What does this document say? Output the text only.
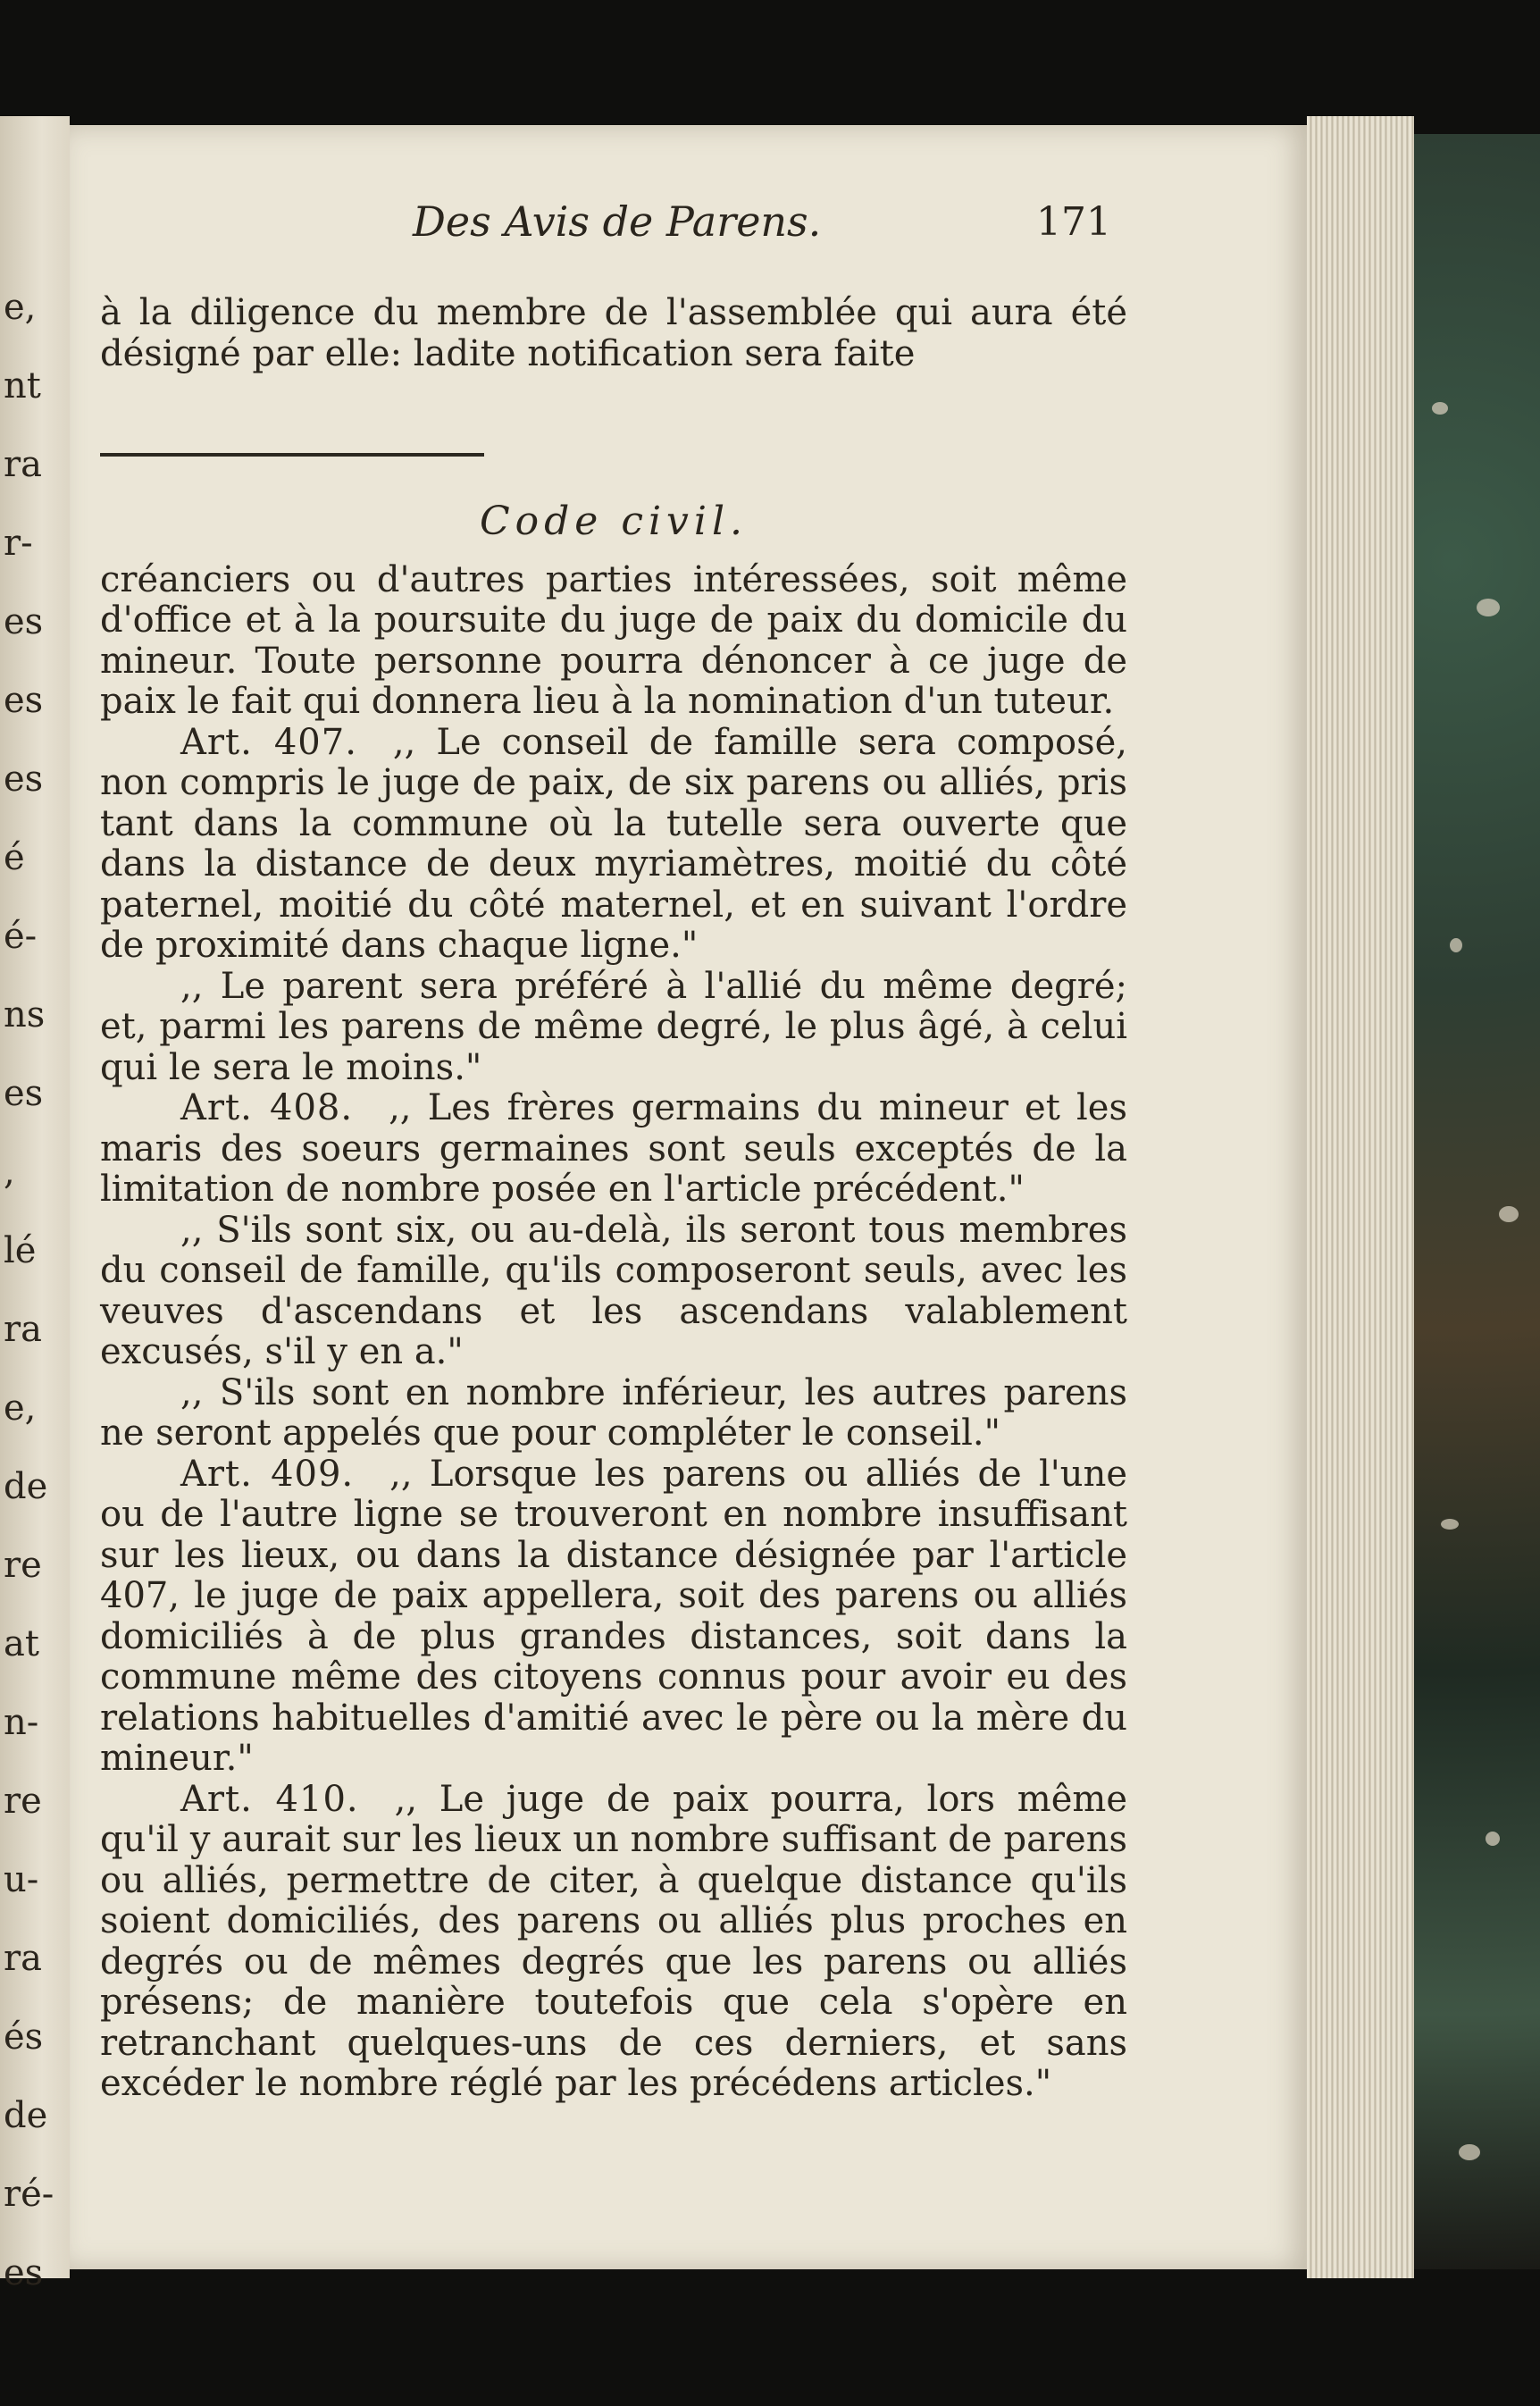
e,
nt
ra
r-
es
es
es
é
é-
ns
es
,
lé
ra
e,
de
re
at
n-
re
u-
ra
és
de
ré-
es
Des Avis de Parens.	171

à la diligence du membre de l'assemblée qui aura été désigné par elle: ladite notification sera faite

Code civil.

créanciers ou d'autres parties intéressées, soit même d'office et à la poursuite du juge de paix du domicile du mineur. Toute personne pourra dénoncer à ce juge de paix le fait qui donnera lieu à la nomination d'un tuteur.

Art. 407.  ,, Le conseil de famille sera composé, non compris le juge de paix, de six parens ou alliés, pris tant dans la commune où la tutelle sera ouverte que dans la distance de deux myriamètres, moitié du côté paternel, moitié du côté maternel, et en suivant l'ordre de proximité dans chaque ligne."

,, Le parent sera préféré à l'allié du même degré; et, parmi les parens de même degré, le plus âgé, à celui qui le sera le moins."

Art. 408.  ,, Les frères germains du mineur et les maris des soeurs germaines sont seuls exceptés de la limitation de nombre posée en l'article précédent."

,, S'ils sont six, ou au-delà, ils seront tous membres du conseil de famille, qu'ils composeront seuls, avec les veuves d'ascendans et les ascendans valablement excusés, s'il y en a."

,, S'ils sont en nombre inférieur, les autres parens ne seront appelés que pour compléter le conseil."

Art. 409.  ,, Lorsque les parens ou alliés de l'une ou de l'autre ligne se trouveront en nombre insuffisant sur les lieux, ou dans la distance désignée par l'article 407, le juge de paix appellera, soit des parens ou alliés domiciliés à de plus grandes distances, soit dans la commune même des citoyens connus pour avoir eu des relations habituelles d'amitié avec le père ou la mère du mineur."

Art. 410.  ,, Le juge de paix pourra, lors même qu'il y aurait sur les lieux un nombre suffisant de parens ou alliés, permettre de citer, à quelque distance qu'ils soient domiciliés, des parens ou alliés plus proches en degrés ou de mêmes degrés que les parens ou alliés présens; de manière toutefois que cela s'opère en retranchant quelques-uns de ces derniers, et sans excéder le nombre réglé par les précédens articles."
